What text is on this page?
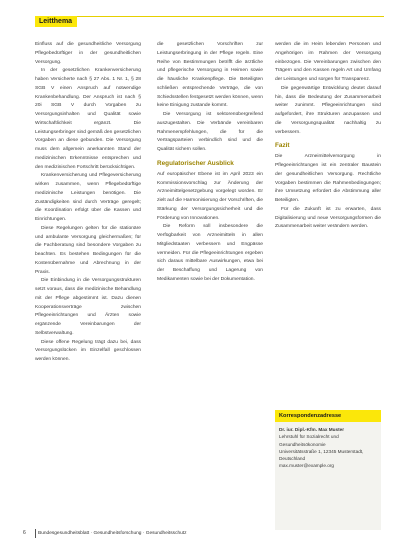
Leitthema

Einfluss auf die gesundheitliche Versorgung Pflegebedürftiger in der gesundheitlichen Versorgung.

In der gesetzlichen Krankenversicherung haben Versicherte nach § 27 Abs. 1 Nr. 1, § 28 SGB V einen Anspruch auf notwendige Krankenbehandlung. Der Anspruch ist nach § 20i SGB V durch Vorgaben zu Versorgungsinhalten und Qualität sowie Wirtschaftlichkeit ergänzt. Die Leistungserbringer sind gemäß den gesetzlichen Vorgaben an diese gebunden. Die Versorgung muss dem allgemein anerkannten Stand der medizinischen Erkenntnisse entsprechen und den medizinischen Fortschritt berücksichtigen.

Krankenversicherung und Pflegeversicherung wirken zusammen, wenn Pflegebedürftige medizinische Leistungen benötigen. Die Zuständigkeiten sind durch Verträge geregelt; die Koordination erfolgt über die Kassen und Einrichtungen.

Diese Regelungen gelten für die stationäre und ambulante Versorgung gleichermaßen; für die Fachberatung sind besondere Vorgaben zu beachten. Es bestehen Bedingungen für die Kostenübernahme und Abrechnung in der Praxis.

Die Einbindung in die Versorgungsstrukturen setzt voraus, dass die medizinische Behandlung mit der Pflege abgestimmt ist. Dazu dienen Kooperationsverträge zwischen Pflegeeinrichtungen und Ärzten sowie ergänzende Vereinbarungen der Selbstverwaltung.

Diese offene Regelung trägt dazu bei, dass Versorgungslücken im Einzelfall geschlossen werden können.

die gesetzlichen Vorschriften zur Leistungserbringung in der Pflege regeln. Eine Reihe von Bestimmungen betrifft die ärztliche und pflegerische Versorgung in Heimen sowie die häusliche Krankenpflege. Die Beteiligten schließen entsprechende Verträge, die von Schiedsstellen festgesetzt werden können, wenn keine Einigung zustande kommt.

Die Versorgung ist sektorenübergreifend auszugestalten. Die Verbände vereinbaren Rahmenempfehlungen, die für die Vertragsparteien verbindlich sind und die Qualität sichern sollen.

Regulatorischer Ausblick

Auf europäischer Ebene ist im April 2023 ein Kommissionsvorschlag zur Änderung der Arzneimittelgesetzgebung vorgelegt worden. Er zielt auf die Harmonisierung der Vorschriften, die Stärkung der Versorgungssicherheit und die Förderung von Innovationen.

Die Reform soll insbesondere die Verfügbarkeit von Arzneimitteln in allen Mitgliedstaaten verbessern und Engpässe vermeiden. Für die Pflegeeinrichtungen ergeben sich daraus mittelbare Auswirkungen, etwa bei der Beschaffung und Lagerung von Medikamenten sowie bei der Dokumentation.

werden die im Heim lebenden Personen und Angehörigen im Rahmen der Versorgung einbezogen. Die Vereinbarungen zwischen den Trägern und den Kassen regeln Art und Umfang der Leistungen und sorgen für Transparenz.

Die gegenwärtige Entwicklung deutet darauf hin, dass die Bedeutung der Zusammenarbeit weiter zunimmt. Pflegeeinrichtungen sind aufgefordert, ihre Strukturen anzupassen und die Versorgungsqualität nachhaltig zu verbessern.

Fazit

Die Arzneimittelversorgung in Pflegeeinrichtungen ist ein zentraler Baustein der gesundheitlichen Versorgung. Rechtliche Vorgaben bestimmen die Rahmenbedingungen; ihre Umsetzung erfordert die Abstimmung aller Beteiligten.

Für die Zukunft ist zu erwarten, dass Digitalisierung und neue Versorgungsformen die Zusammenarbeit weiter verändern werden.

Korrespondenzadresse
Dr. iur. Dipl.-Kfm. Max Muster
Lehrstuhl für Sozialrecht und Gesundheitsökonomie
Universitätsstraße 1, 12345 Musterstadt, Deutschland
max.muster@example.org
6	Bundesgesundheitsblatt · Gesundheitsforschung · Gesundheitsschutz
